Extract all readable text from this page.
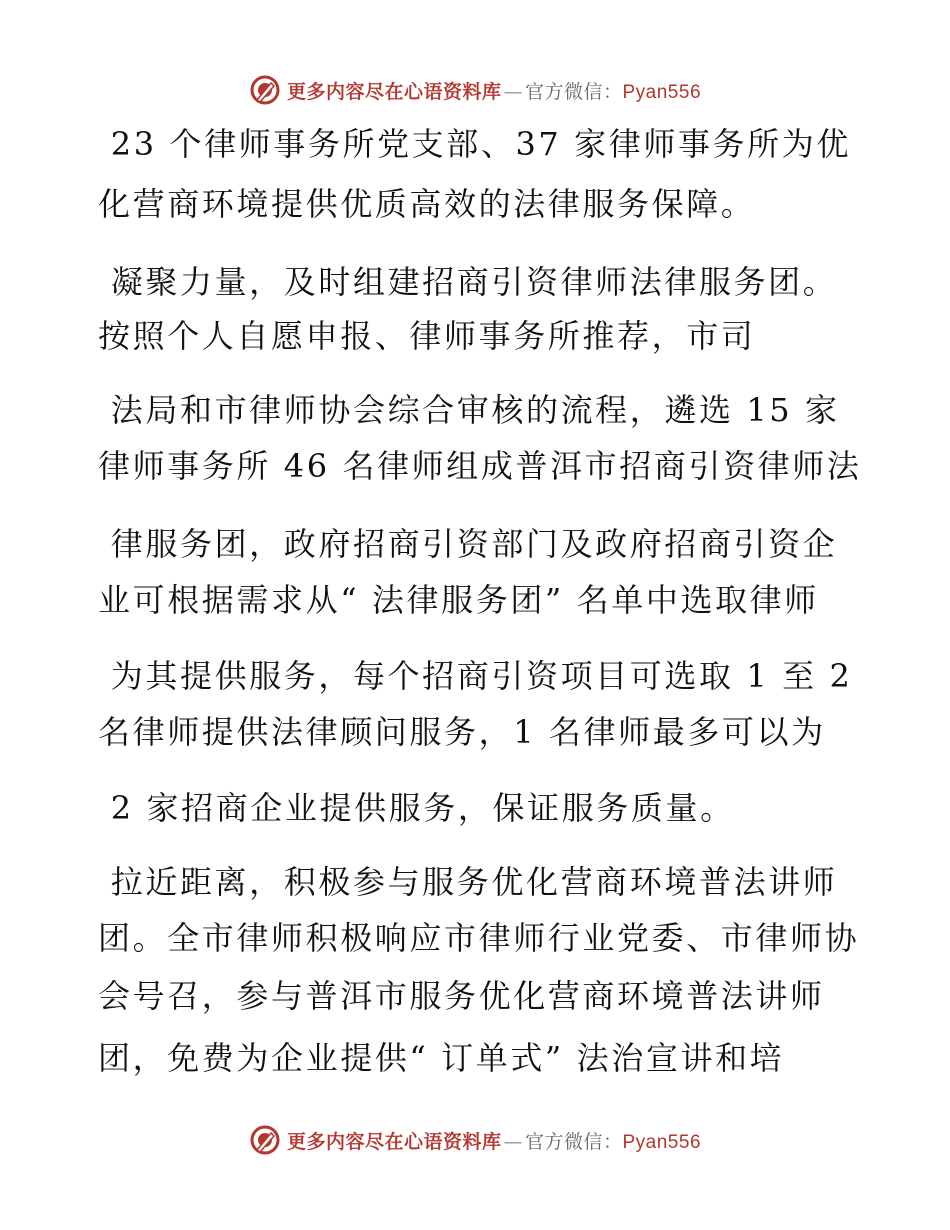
更多内容尽在心语资料库 — 官方微信： Pyan556
23 个律师事务所党支部、37 家律师事务所为优
化营商环境提供优质高效的法律服务保障。
凝聚力量，及时组建招商引资律师法律服务团。
按照个人自愿申报、律师事务所推荐，市司
法局和市律师协会综合审核的流程，遴选 15 家
律师事务所 46 名律师组成普洱市招商引资律师法
律服务团，政府招商引资部门及政府招商引资企
业可根据需求从“ 法律服务团” 名单中选取律师
为其提供服务，每个招商引资项目可选取 1 至 2
名律师提供法律顾问服务，1 名律师最多可以为
2 家招商企业提供服务，保证服务质量。
拉近距离，积极参与服务优化营商环境普法讲师
团。全市律师积极响应市律师行业党委、市律师协
会号召，参与普洱市服务优化营商环境普法讲师
团，免费为企业提供“ 订单式” 法治宣讲和培
更多内容尽在心语资料库 — 官方微信： Pyan556
